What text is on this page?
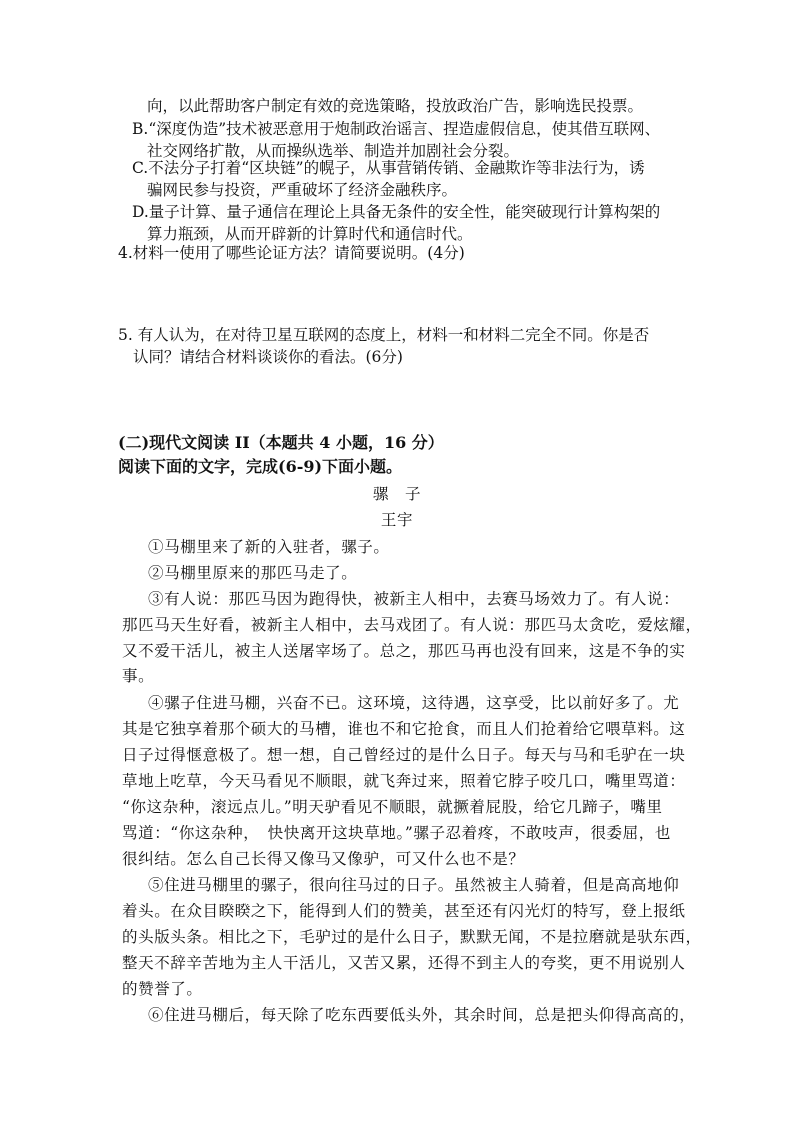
向，以此帮助客户制定有效的竞选策略，投放政治广告，影响选民投票。
B.“深度伪造”技术被恶意用于炮制政治谣言、捏造虚假信息，使其借互联网、
社交网络扩散，从而操纵选举、制造并加剧社会分裂。
C.不法分子打着“区块链”的幌子，从事营销传销、金融欺诈等非法行为，诱
骗网民参与投资，严重破坏了经济金融秩序。
D.量子计算、量子通信在理论上具备无条件的安全性，能突破现行计算构架的
算力瓶颈，从而开辟新的计算时代和通信时代。
4.材料一使用了哪些论证方法？请简要说明。(4分)
5. 有人认为，在对待卫星互联网的态度上，材料一和材料二完全不同。你是否
认同？请结合材料谈谈你的看法。(6分)
(二)现代文阅读 II（本题共 4 小题，16 分）
阅读下面的文字，完成(6-9)下面小题。
骡　子
王宇
①马棚里来了新的入驻者，骡子。
②马棚里原来的那匹马走了。
③有人说：那匹马因为跑得快，被新主人相中，去赛马场效力了。有人说：
那匹马天生好看，被新主人相中，去马戏团了。有人说：那匹马太贪吃，爱炫耀，
又不爱干活儿，被主人送屠宰场了。总之，那匹马再也没有回来，这是不争的实
事。
④骡子住进马棚，兴奋不已。这环境，这待遇，这享受，比以前好多了。尤
其是它独享着那个硕大的马槽，谁也不和它抢食，而且人们抢着给它喂草料。这
日子过得惬意极了。想一想，自己曾经过的是什么日子。每天与马和毛驴在一块
草地上吃草，今天马看见不顺眼，就飞奔过来，照着它脖子咬几口，嘴里骂道：
“你这杂种，滚远点儿。”明天驴看见不顺眼，就撅着屁股，给它几蹄子，嘴里
骂道：“你这杂种，　快快离开这块草地。”骡子忍着疼，不敢吱声，很委屈，也
很纠结。怎么自己长得又像马又像驴，可又什么也不是？
⑤住进马棚里的骡子，很向往马过的日子。虽然被主人骑着，但是高高地仰
着头。在众目睽睽之下，能得到人们的赞美，甚至还有闪光灯的特写，登上报纸
的头版头条。相比之下，毛驴过的是什么日子，默默无闻，不是拉磨就是驮东西，
整天不辞辛苦地为主人干活儿，又苦又累，还得不到主人的夸奖，更不用说别人
的赞誉了。
⑥住进马棚后，每天除了吃东西要低头外，其余时间，总是把头仰得高高的，
